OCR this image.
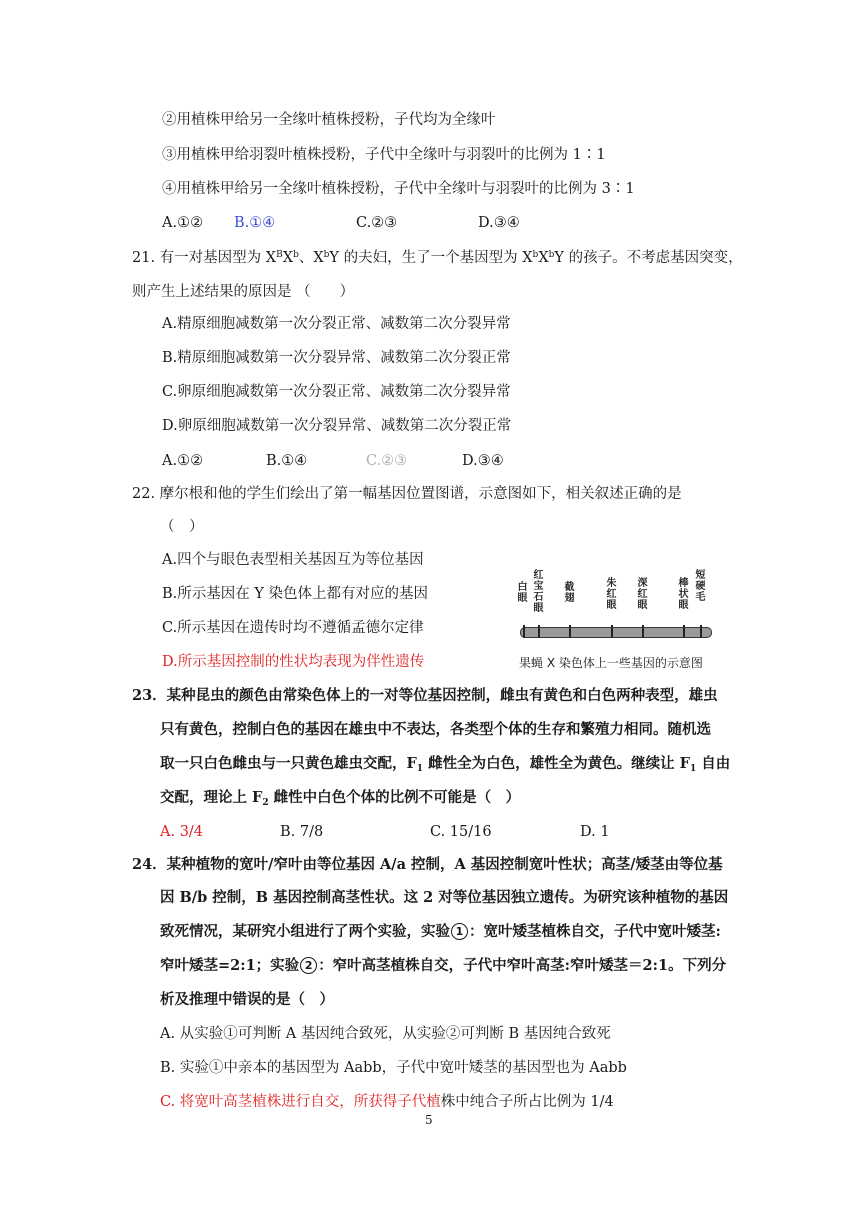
②用植株甲给另一全缘叶植株授粉，子代均为全缘叶
③用植株甲给羽裂叶植株授粉，子代中全缘叶与羽裂叶的比例为 1∶1
④用植株甲给另一全缘叶植株授粉，子代中全缘叶与羽裂叶的比例为 3∶1
A.①② B.①④	C.②③	D.③④
21. 有一对基因型为 $X^BX^b$、$X^bY$ 的夫妇，生了一个基因型为 $X^bX^bY$ 的孩子。不考虑基因突变，
则产生上述结果的原因是 （　　）
A.精原细胞减数第一次分裂正常、减数第二次分裂异常
B.精原细胞减数第一次分裂异常、减数第二次分裂正常
C.卵原细胞减数第一次分裂正常、减数第二次分裂异常
D.卵原细胞减数第一次分裂异常、减数第二次分裂正常
A.①②	B.①④	C.②③	D.③④
22. 摩尔根和他的学生们绘出了第一幅基因位置图谱，示意图如下，相关叙述正确的是
（　）
A.四个与眼色表型相关基因互为等位基因
B.所示基因在 Y 染色体上都有对应的基因
C.所示基因在遗传时均不遵循孟德尔定律
D.所示基因控制的性状均表现为伴性遗传
白眼
红宝石眼
截翅
朱红眼
深红眼
棒状眼
短硬毛
果蝇 X 染色体上一些基因的示意图
23．某种昆虫的颜色由常染色体上的一对等位基因控制，雌虫有黄色和白色两种表型，雄虫
只有黄色，控制白色的基因在雄虫中不表达，各类型个体的生存和繁殖力相同。随机选
取一只白色雌虫与一只黄色雄虫交配，$F_1$ 雌性全为白色，雄性全为黄色。继续让 $F_1$ 自由
交配，理论上 $F_2$ 雌性中白色个体的比例不可能是（　）
A. 3/4	B. 7/8	C. 15/16	D. 1
24．某种植物的宽叶/窄叶由等位基因 A/a 控制，A 基因控制宽叶性状；高茎/矮茎由等位基
因 B/b 控制，B 基因控制高茎性状。这 2 对等位基因独立遗传。为研究该种植物的基因
致死情况，某研究小组进行了两个实验，实验 1 ：宽叶矮茎植株自交，子代中宽叶矮茎:
窄叶矮茎=2:1；实验 2 ：窄叶高茎植株自交，子代中窄叶高茎:窄叶矮茎＝2:1。下列分
析及推理中错误的是（　）
A. 从实验①可判断 A 基因纯合致死，从实验②可判断 B 基因纯合致死
B. 实验①中亲本的基因型为 Aabb，子代中宽叶矮茎的基因型也为 Aabb
C. 将宽叶高茎植株进行自交，所获得子代植株中纯合子所占比例为 1/4
5
